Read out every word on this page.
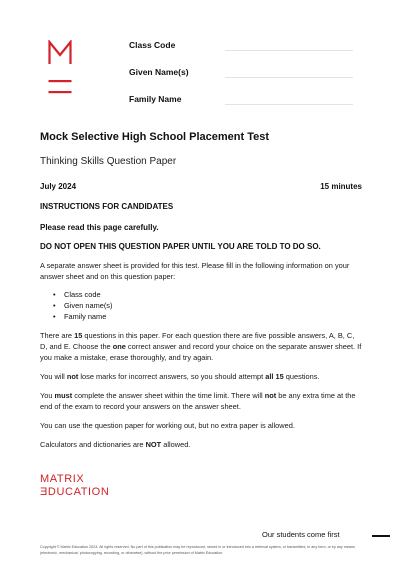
Class Code
Given Name(s)
Family Name
Mock Selective High School Placement Test
Thinking Skills Question Paper
July 2024	15 minutes
INSTRUCTIONS FOR CANDIDATES
Please read this page carefully.
DO NOT OPEN THIS QUESTION PAPER UNTIL YOU ARE TOLD TO DO SO.

A separate answer sheet is provided for this test. Please fill in the following information on your answer sheet and on this question paper:

• Class code
• Given name(s)
• Family name

There are 15 questions in this paper. For each question there are five possible answers, A, B, C, D, and E. Choose the one correct answer and record your choice on the separate answer sheet. If you make a mistake, erase thoroughly, and try again.

You will not lose marks for incorrect answers, so you should attempt all 15 questions.

You must complete the answer sheet within the time limit. There will not be any extra time at the end of the exam to record your answers on the answer sheet.

You can use the question paper for working out, but no extra paper is allowed.

Calculators and dictionaries are NOT allowed.

MATRIX
ƎDUCATION
Our students come first
Copyright © Matrix Education 2024. All rights reserved. No part of this publication may be reproduced, stored in or introduced into a retrieval system, or transmitted, in any form, or by any means (electronic, mechanical, photocopying, recording, or otherwise), without the prior permission of Matrix Education.
